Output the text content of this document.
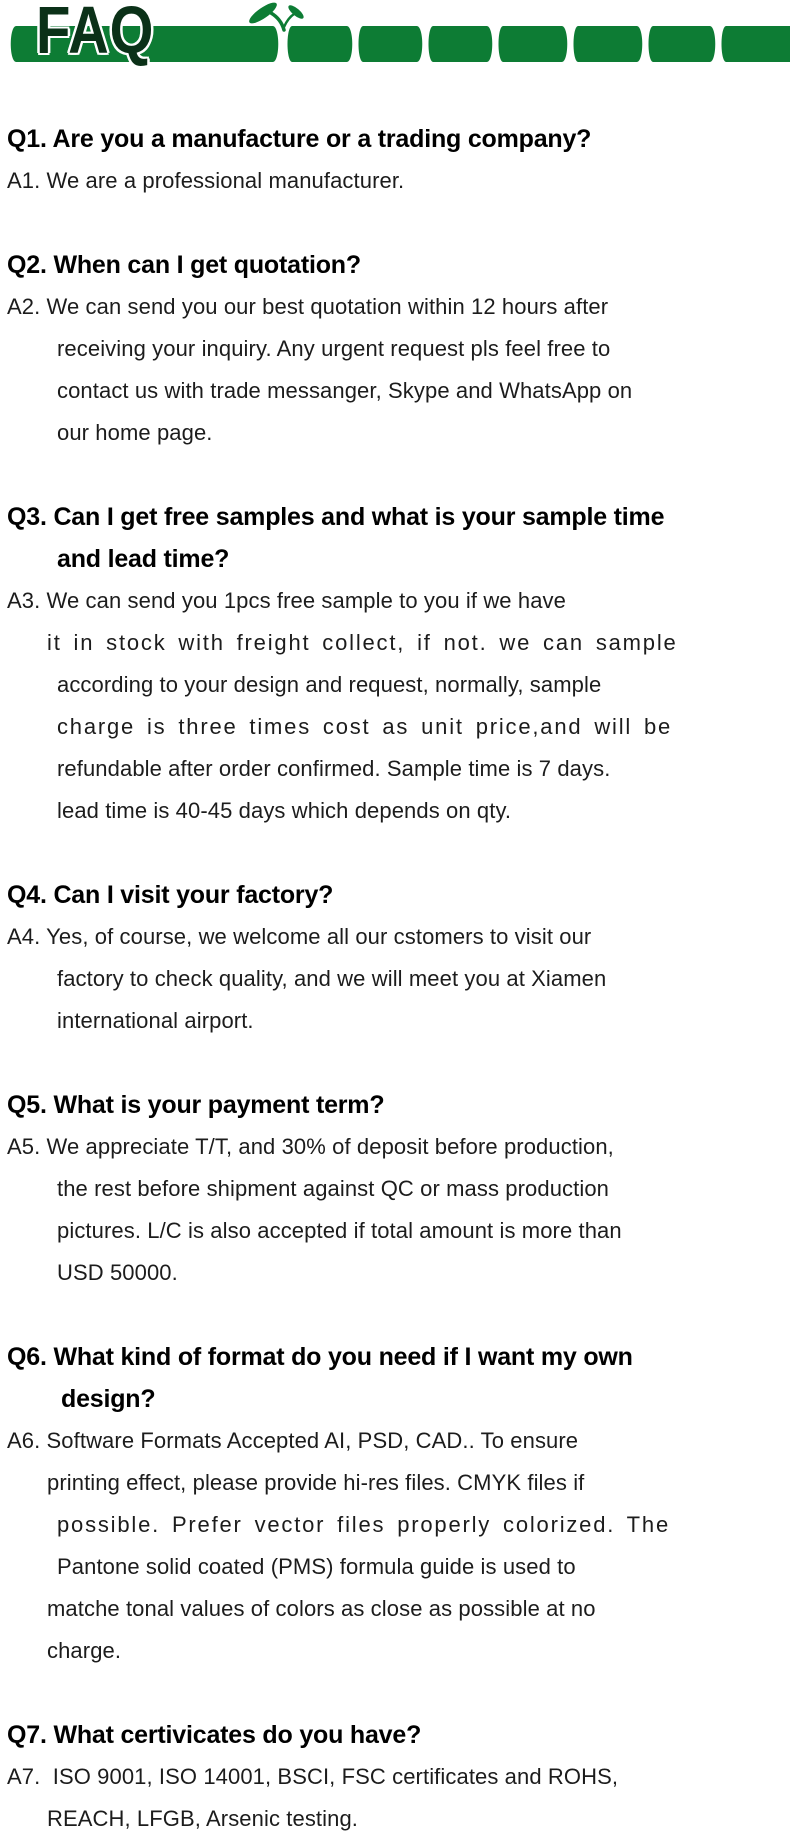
FAQ
Q1. Are you a manufacture or a trading company?
A1. We are a professional manufacturer.
Q2. When can I get quotation?
A2. We can send you our best quotation within 12 hours after
receiving your inquiry. Any urgent request pls feel free to
contact us with trade messanger, Skype and WhatsApp on
our home page.
Q3. Can I get free samples and what is your sample time
and lead time?
A3. We can send you 1pcs free sample to you if we have
it in stock with freight collect, if not. we can sample
according to your design and request, normally, sample
charge is three times cost as unit price,and will be
refundable after order confirmed. Sample time is 7 days.
lead time is 40-45 days which depends on qty.
Q4. Can I visit your factory?
A4. Yes, of course, we welcome all our cstomers to visit our
factory to check quality, and we will meet you at Xiamen
international airport.
Q5. What is your payment term?
A5. We appreciate T/T, and 30% of deposit before production,
the rest before shipment against QC or mass production
pictures. L/C is also accepted if total amount is more than
USD 50000.
Q6. What kind of format do you need if I want my own
design?
A6. Software Formats Accepted AI, PSD, CAD.. To ensure
printing effect, please provide hi-res files. CMYK files if
possible. Prefer vector files properly colorized. The
Pantone solid coated (PMS) formula guide is used to
matche tonal values of colors as close as possible at no
charge.
Q7. What certivicates do you have?
A7.  ISO 9001, ISO 14001, BSCI, FSC certificates and ROHS,
REACH, LFGB, Arsenic testing.
